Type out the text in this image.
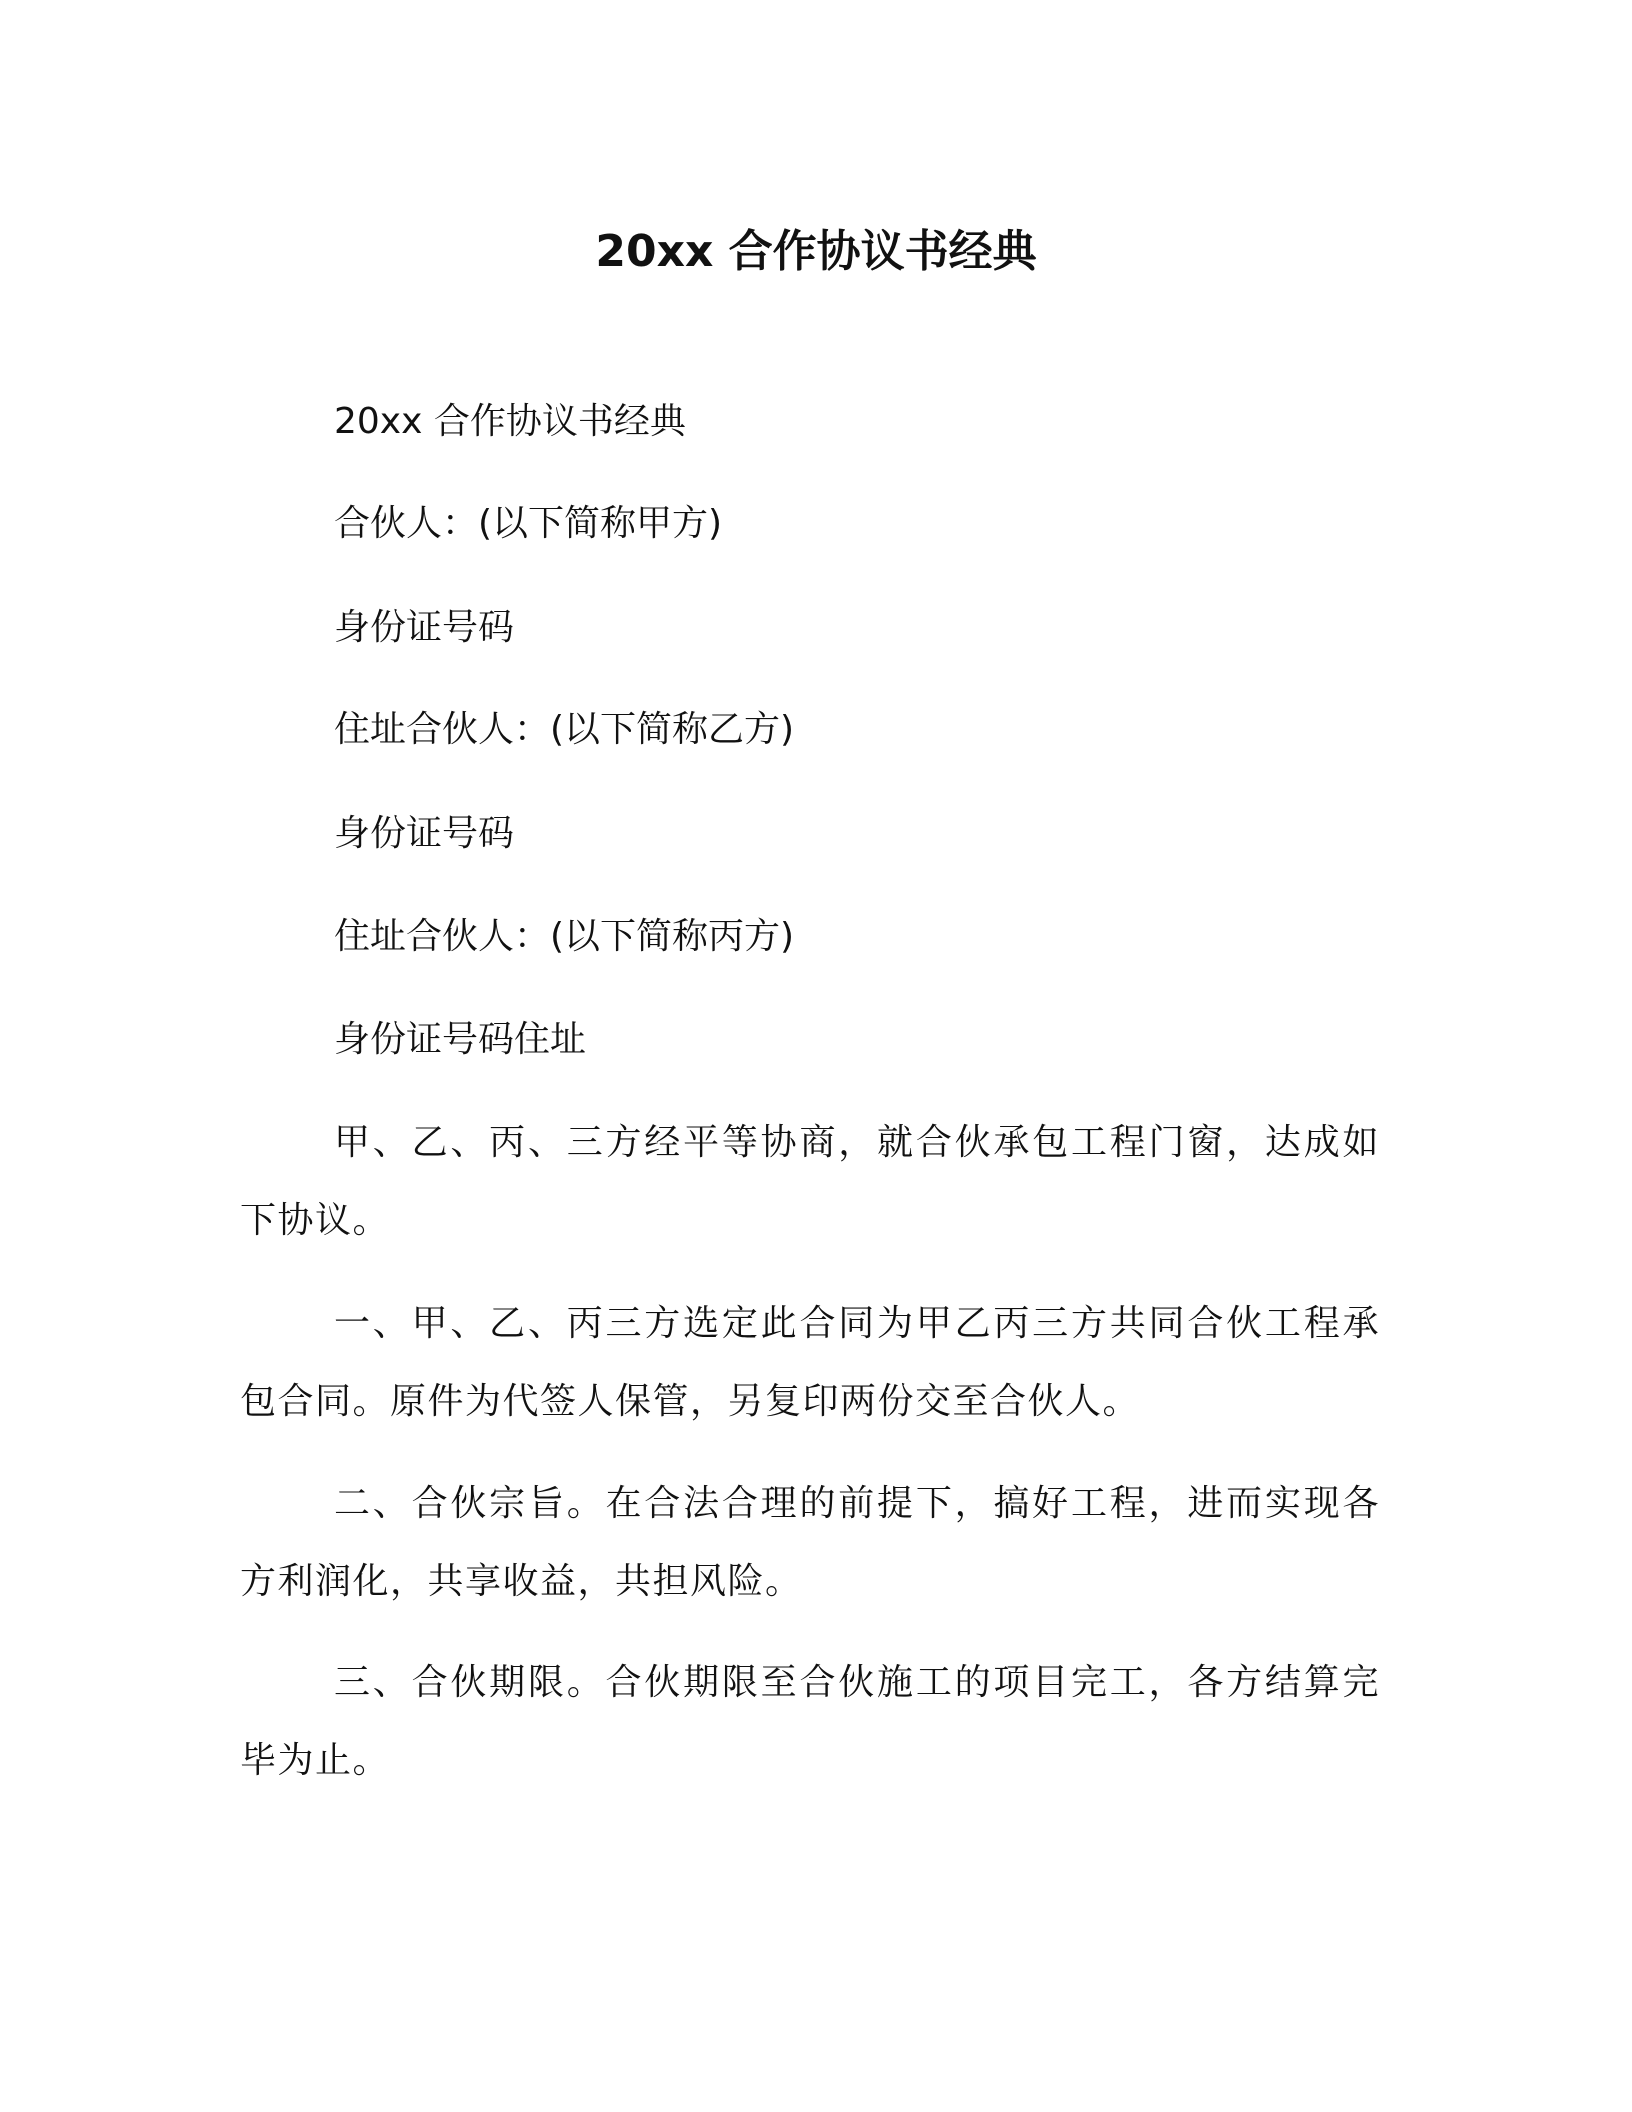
20xx 合作协议书经典
20xx 合作协议书经典
合伙人：(以下简称甲方)
身份证号码
住址合伙人：(以下简称乙方)
身份证号码
住址合伙人：(以下简称丙方)
身份证号码住址
甲、乙、丙、三方经平等协商，就合伙承包工程门窗，达成如下协议。
一、甲、乙、丙三方选定此合同为甲乙丙三方共同合伙工程承包合同。原件为代签人保管，另复印两份交至合伙人。
二、合伙宗旨。在合法合理的前提下，搞好工程，进而实现各方利润化，共享收益，共担风险。
三、合伙期限。合伙期限至合伙施工的项目完工，各方结算完毕为止。
